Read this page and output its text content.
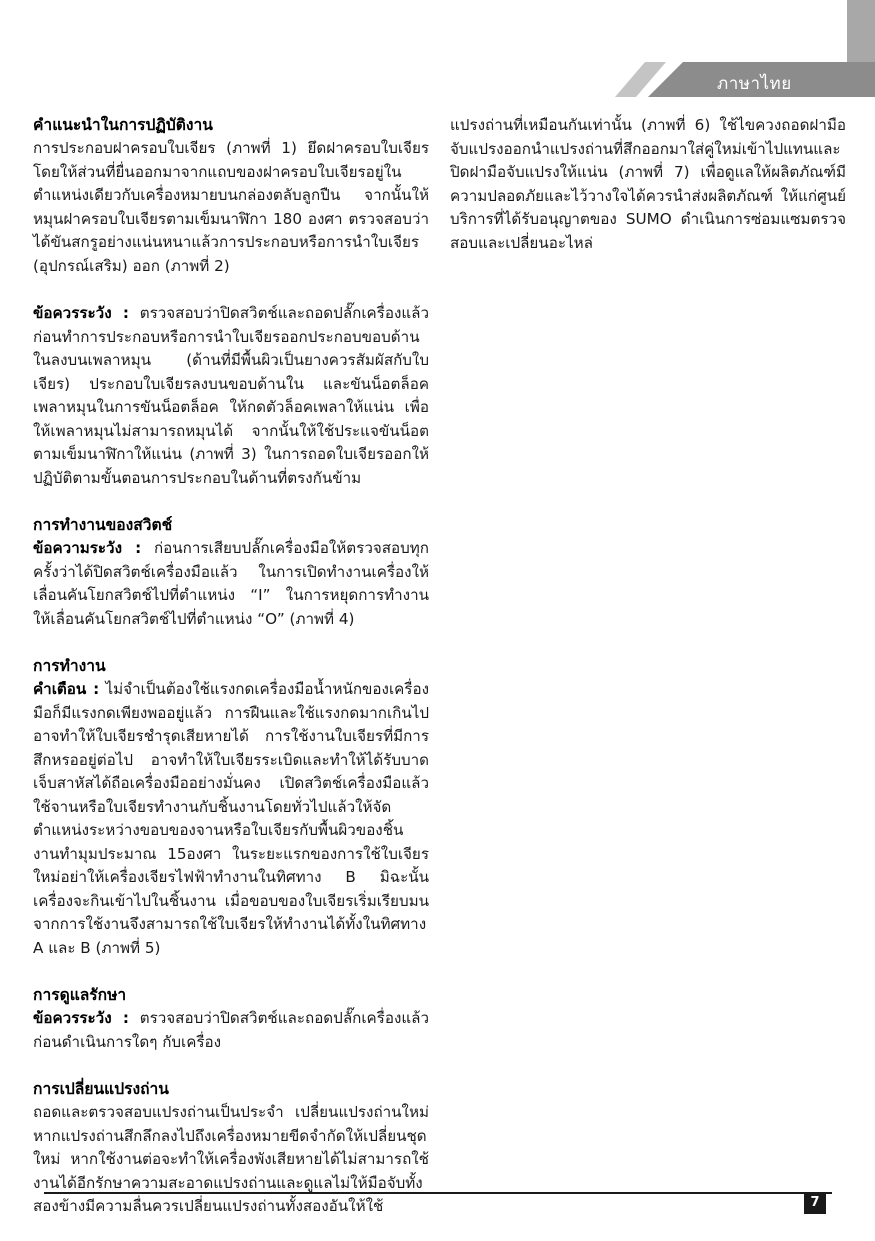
ภาษาไทย
คำแนะนำในการปฏิบัติงาน

การประกอบฝาครอบใบเจียร (ภาพที่ 1) ยึดฝาครอบใบเจียร โดยให้ส่วนที่ยื่นออกมาจากแถบของฝาครอบใบเจียรอยู่ในตำแหน่งเดียวกับเครื่องหมายบนกล่องตลับลูกปืน จากนั้นให้หมุนฝาครอบใบเจียรตามเข็มนาฬิกา 180 องศา ตรวจสอบว่าได้ขันสกรูอย่างแน่นหนาแล้วการประกอบหรือการนำใบเจียร (อุปกรณ์เสริม) ออก (ภาพที่ 2)

ข้อควรระวัง : ตรวจสอบว่าปิดสวิตช์และถอดปลั๊กเครื่องแล้วก่อนทำการประกอบหรือการนำใบเจียรออกประกอบขอบด้านในลงบนเพลาหมุน (ด้านที่มีพื้นผิวเป็นยางควรสัมผัสกับใบเจียร) ประกอบใบเจียรลงบนขอบด้านใน และขันน็อตล็อคเพลาหมุนในการขันน็อตล็อค ให้กดตัวล็อคเพลาให้แน่น เพื่อให้เพลาหมุนไม่สามารถหมุนได้ จากนั้นให้ใช้ประแจขันน็อตตามเข็มนาฬิกาให้แน่น (ภาพที่ 3) ในการถอดใบเจียรออกให้ปฏิบัติตามขั้นตอนการประกอบในด้านที่ตรงกันข้าม

การทำงานของสวิตช์

ข้อความระวัง : ก่อนการเสียบปลั๊กเครื่องมือให้ตรวจสอบทุกครั้งว่าได้ปิดสวิตช์เครื่องมือแล้ว ในการเปิดทำงานเครื่องให้เลื่อนคันโยกสวิตช์ไปที่ตำแหน่ง “I” ในการหยุดการทำงาน ให้เลื่อนคันโยกสวิตช์ไปที่ตำแหน่ง “O” (ภาพที่ 4)

การทำงาน

คำเตือน : ไม่จำเป็นต้องใช้แรงกดเครื่องมือน้ำหนักของเครื่องมือก็มีแรงกดเพียงพออยู่แล้ว การฝืนและใช้แรงกดมากเกินไปอาจทำให้ใบเจียรชำรุดเสียหายได้ การใช้งานใบเจียรที่มีการสึกหรออยู่ต่อไป อาจทำให้ใบเจียรระเบิดและทำให้ได้รับบาดเจ็บสาหัสได้ถือเครื่องมืออย่างมั่นคง เปิดสวิตช์เครื่องมือแล้วใช้จานหรือใบเจียรทำงานกับชิ้นงานโดยทั่วไปแล้วให้จัดตำแหน่งระหว่างขอบของจานหรือใบเจียรกับพื้นผิวของชิ้นงานทำมุมประมาณ 15องศา ในระยะแรกของการใช้ใบเจียรใหม่อย่าให้เครื่องเจียรไฟฟ้าทำงานในทิศทาง B มิฉะนั้นเครื่องจะกินเข้าไปในชิ้นงาน เมื่อขอบของใบเจียรเริ่มเรียบมนจากการใช้งานจึงสามารถใช้ใบเจียรให้ทำงานได้ทั้งในทิศทาง A และ B (ภาพที่ 5)

การดูแลรักษา

ข้อควรระวัง : ตรวจสอบว่าปิดสวิตช์และถอดปลั๊กเครื่องแล้วก่อนดำเนินการใดๆ กับเครื่อง

การเปลี่ยนแปรงถ่าน

ถอดและตรวจสอบแปรงถ่านเป็นประจำ เปลี่ยนแปรงถ่านใหม่หากแปรงถ่านสึกลึกลงไปถึงเครื่องหมายขีดจำกัดให้เปลี่ยนชุดใหม่ หากใช้งานต่อจะทำให้เครื่องพังเสียหายได้ไม่สามารถใช้งานได้อีกรักษาความสะอาดแปรงถ่านและดูแลไม่ให้มือจับทั้งสองข้างมีความลื่นควรเปลี่ยนแปรงถ่านทั้งสองอันให้ใช้

แปรงถ่านที่เหมือนกันเท่านั้น (ภาพที่ 6) ใช้ไขควงถอดฝามือจับแปรงออกนำแปรงถ่านที่สึกออกมาใส่คู่ใหม่เข้าไปแทนและปิดฝามือจับแปรงให้แน่น (ภาพที่ 7) เพื่อดูแลให้ผลิตภัณฑ์มีความปลอดภัยและไว้วางใจได้ควรนำส่งผลิตภัณฑ์ ให้แก่ศูนย์บริการที่ได้รับอนุญาตของ SUMO ดำเนินการซ่อมแซมตรวจสอบและเปลี่ยนอะไหล่

7
